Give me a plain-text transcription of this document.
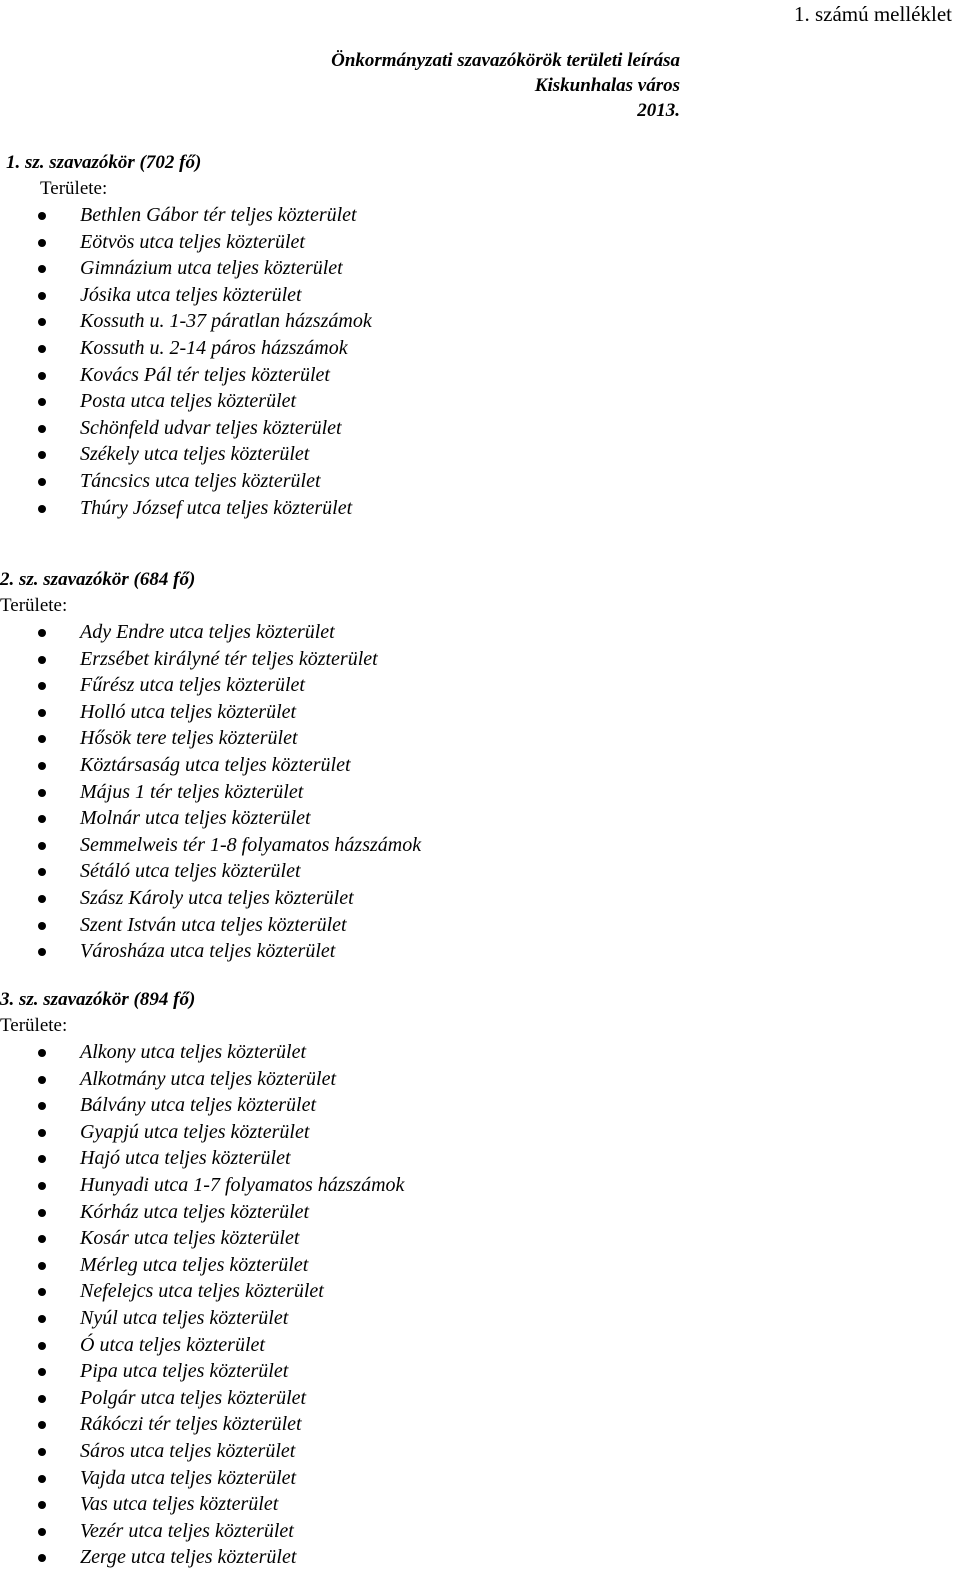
1. számú melléklet
Önkormányzati szavazókörök területi leírása
Kiskunhalas város
2013.
1. sz. szavazókör (702 fő)
Területe:
Bethlen Gábor tér teljes közterület
Eötvös utca teljes közterület
Gimnázium utca teljes közterület
Jósika utca teljes közterület
Kossuth u. 1-37 páratlan házszámok
Kossuth u. 2-14 páros házszámok
Kovács Pál tér teljes közterület
Posta utca teljes közterület
Schönfeld udvar teljes közterület
Székely utca teljes közterület
Táncsics utca teljes közterület
Thúry József utca teljes közterület
2. sz. szavazókör (684 fő)
Területe:
Ady Endre utca teljes közterület
Erzsébet királyné tér teljes közterület
Fűrész utca teljes közterület
Holló utca teljes közterület
Hősök tere teljes közterület
Köztársaság utca teljes közterület
Május 1 tér teljes közterület
Molnár utca teljes közterület
Semmelweis tér 1-8 folyamatos házszámok
Sétáló utca teljes közterület
Szász Károly utca teljes közterület
Szent István utca teljes közterület
Városháza utca teljes közterület
3. sz. szavazókör (894 fő)
Területe:
Alkony utca teljes közterület
Alkotmány utca teljes közterület
Bálvány utca teljes közterület
Gyapjú utca teljes közterület
Hajó utca teljes közterület
Hunyadi utca 1-7 folyamatos házszámok
Kórház utca teljes közterület
Kosár utca teljes közterület
Mérleg utca teljes közterület
Nefelejcs utca teljes közterület
Nyúl utca teljes közterület
Ó utca teljes közterület
Pipa utca teljes közterület
Polgár utca teljes közterület
Rákóczi tér teljes közterület
Sáros utca teljes közterület
Vajda utca teljes közterület
Vas utca teljes közterület
Vezér utca teljes közterület
Zerge utca teljes közterület
